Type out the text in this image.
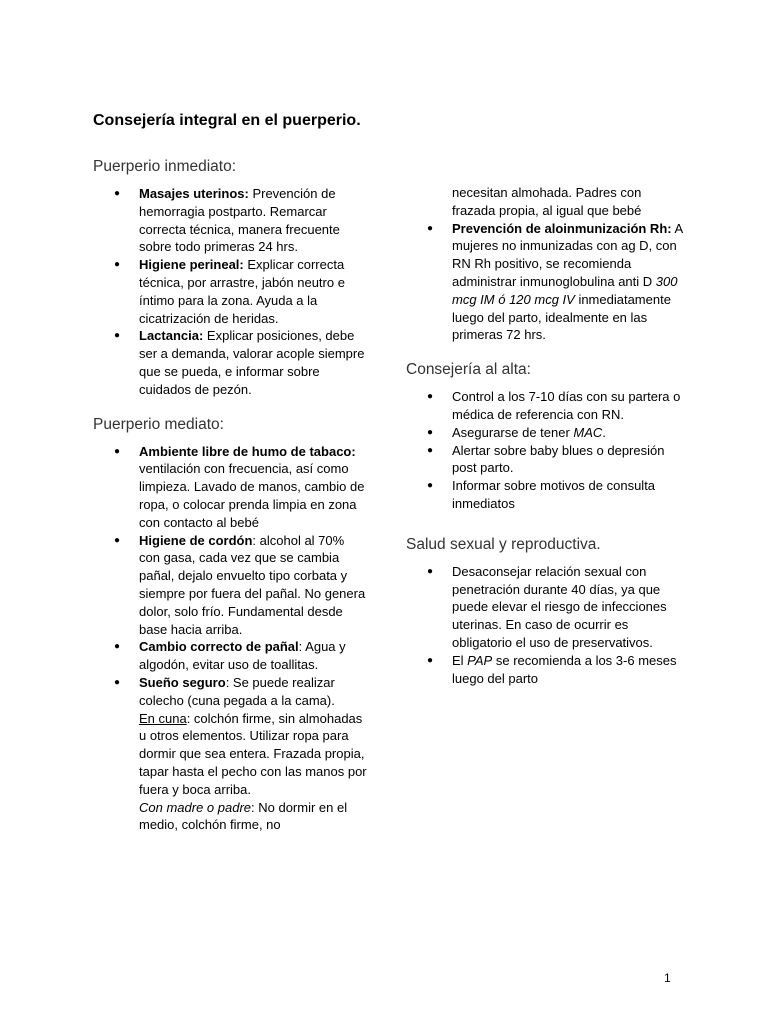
Consejería integral en el puerperio.
Puerperio inmediato:
● Masajes uterinos: Prevención de hemorragia postparto. Remarcar correcta técnica, manera frecuente sobre todo primeras 24 hrs.
● Higiene perineal: Explicar correcta técnica, por arrastre, jabón neutro e íntimo para la zona. Ayuda a la cicatrización de heridas.
● Lactancia: Explicar posiciones, debe ser a demanda, valorar acople siempre que se pueda, e informar sobre cuidados de pezón.
Puerperio mediato:
● Ambiente libre de humo de tabaco: ventilación con frecuencia, así como limpieza. Lavado de manos, cambio de ropa, o colocar prenda limpia en zona con contacto al bebé
● Higiene de cordón: alcohol al 70% con gasa, cada vez que se cambia pañal, dejalo envuelto tipo corbata y siempre por fuera del pañal. No genera dolor, solo frío. Fundamental desde base hacia arriba.
● Cambio correcto de pañal: Agua y algodón, evitar uso de toallitas.
● Sueño seguro: Se puede realizar colecho (cuna pegada a la cama).
En cuna: colchón firme, sin almohadas u otros elementos. Utilizar ropa para dormir que sea entera. Frazada propia, tapar hasta el pecho con las manos por fuera y boca arriba.
Con madre o padre: No dormir en el medio, colchón firme, no
necesitan almohada. Padres con frazada propia, al igual que bebé
● Prevención de aloinmunización Rh: A mujeres no inmunizadas con ag D, con RN Rh positivo, se recomienda administrar inmunoglobulina anti D 300 mcg IM ó 120 mcg IV inmediatamente luego del parto, idealmente en las primeras 72 hrs.
Consejería al alta:
● Control a los 7-10 días con su partera o médica de referencia con RN.
● Asegurarse de tener MAC.
● Alertar sobre baby blues o depresión post parto.
● Informar sobre motivos de consulta inmediatos
Salud sexual y reproductiva.
● Desaconsejar relación sexual con penetración durante 40 días, ya que puede elevar el riesgo de infecciones uterinas. En caso de ocurrir es obligatorio el uso de preservativos.
● El PAP se recomienda a los 3-6 meses luego del parto
1
